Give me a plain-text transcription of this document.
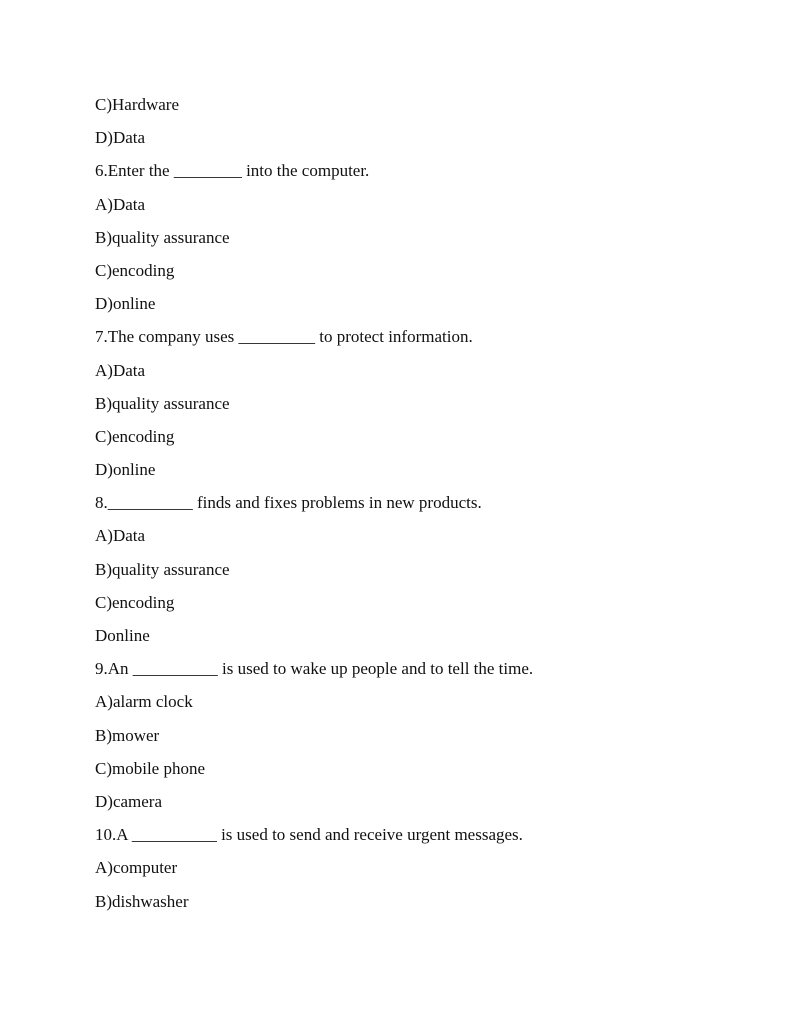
C)Hardware
D)Data
6.Enter the ________ into the computer.
A)Data
B)quality assurance
C)encoding
D)online
7.The company uses _________ to protect information.
A)Data
B)quality assurance
C)encoding
D)online
8.__________ finds and fixes problems in new products.
A)Data
B)quality assurance
C)encoding
Donline
9.An __________ is used to wake up people and to tell the time.
A)alarm clock
B)mower
C)mobile phone
D)camera
10.A __________ is used to send and receive urgent messages.
A)computer
B)dishwasher
